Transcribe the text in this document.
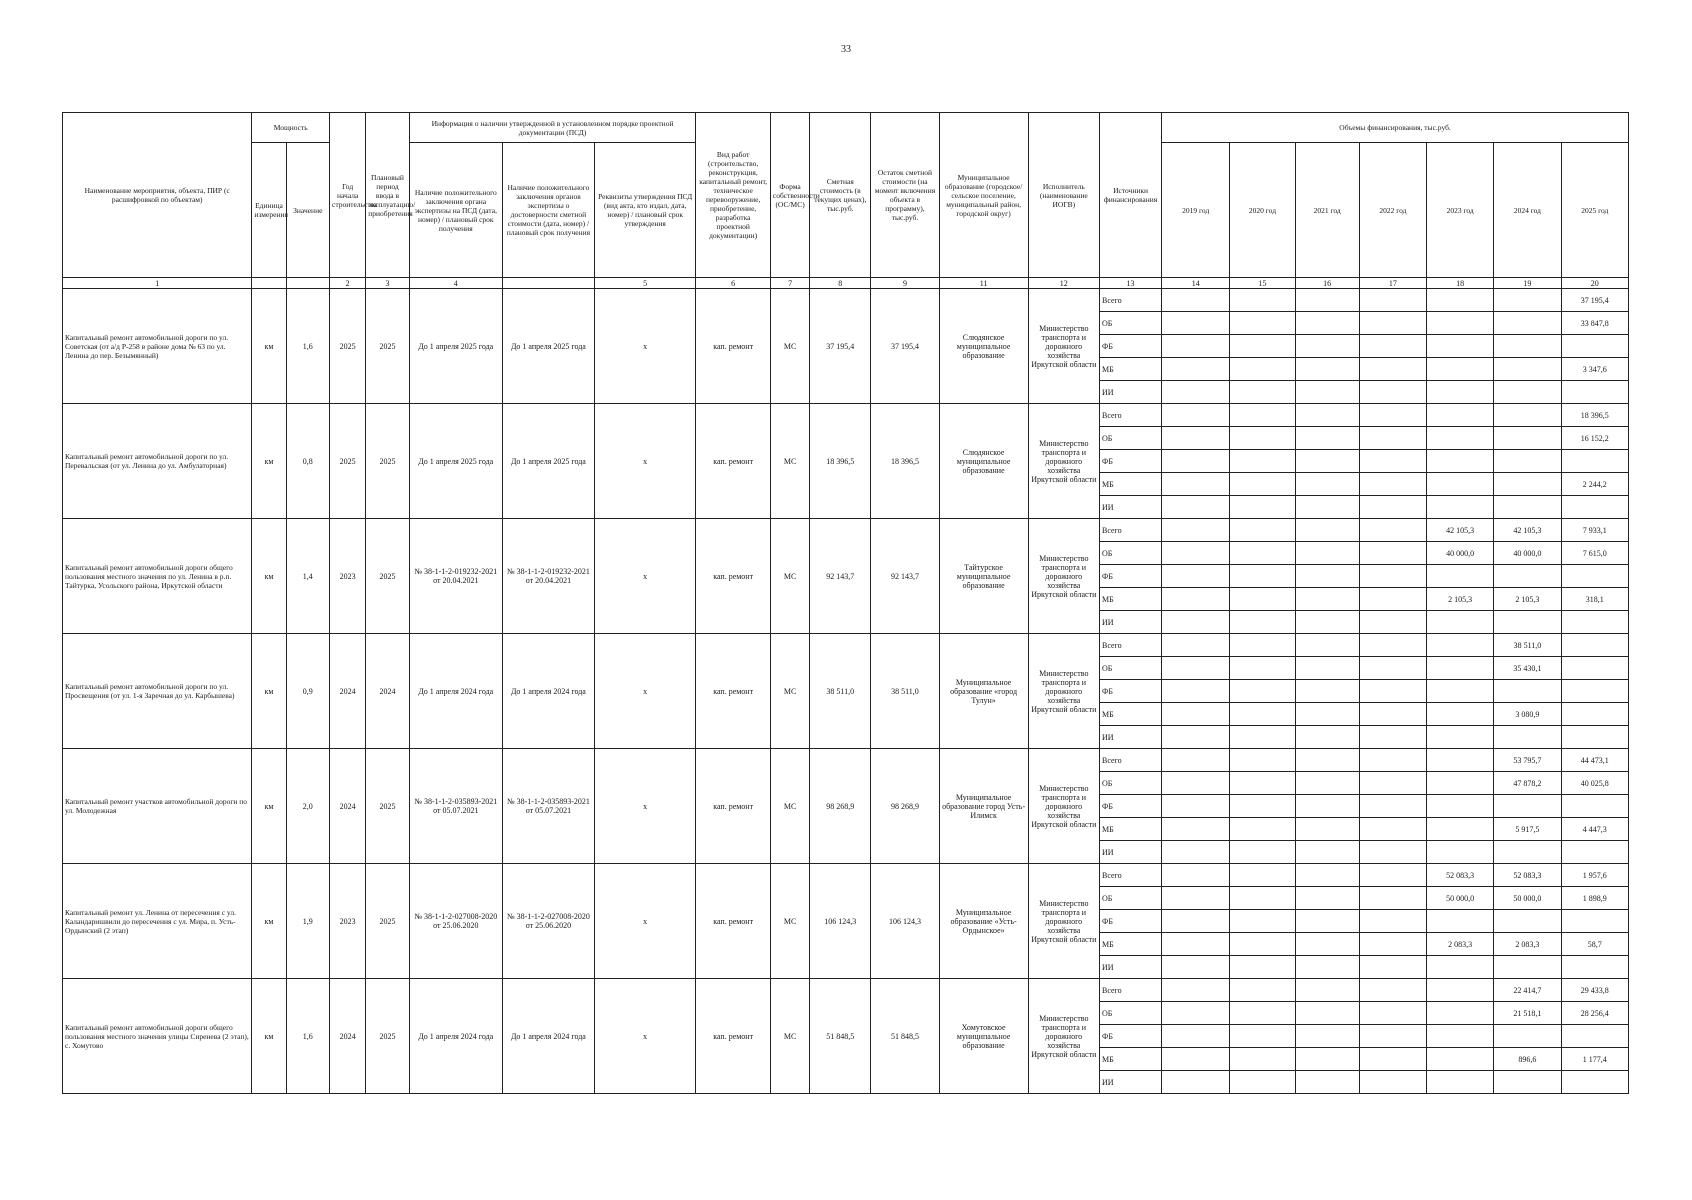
33
Наименование мероприятия, объекта, ПИР (с расшифровкой по объектам)	Мощность		Год начала строительства	Плановый период ввода в эксплуатацию/приобретения	Информация о наличии утвержденной в установленном порядке проектной документации (ПСД)			Вид работ (строительство, реконструкция, капитальный ремонт, техническое перевооружение, приобретение, разработка проектной документации)	Форма собственности (ОС/МС)	Сметная стоимость (в текущих ценах), тыс.руб.	Остаток сметной стоимости (на момент включения объекта в программу), тыс.руб.	Муниципальное образование (городское/сельское поселение, муниципальный район, городской округ)	Исполнитель (наименование ИОГВ)	Источники финансирования	Объемы финансирования, тыс.руб.						
	Единица измерения	Значение			Наличие положительного заключения органа экспертизы на ПСД (дата, номер) / плановый срок получения	Наличие положительного заключения органов экспертизы о достоверности сметной стоимости (дата, номер) / плановый срок получения	Реквизиты утверждения ПСД (вид акта, кто издал, дата, номер) / плановый срок утверждения								2019 год	2020 год	2021 год	2022 год	2023 год	2024 год	2025 год
1			2	3	4		5	6	7	8	9	11	12	13	14	15	16	17	18	19	20
Капитальный ремонт автомобильной дороги по ул. Советская (от а/д Р-258 в районе дома № 63 по ул. Ленина до пер. Безымянный)	км	1,6	2025	2025	До 1 апреля 2025 года	До 1 апреля 2025 года	х	кап. ремонт	МС	37 195,4	37 195,4	Слюдянское муниципальное образование	Министерство транспорта и дорожного хозяйства Иркутской области	Всего							37 195,4
														ОБ							33 847,8
														ФБ							
														МБ							3 347,6
														ИИ							
Капитальный ремонт автомобильной дороги по ул. Перевальская (от ул. Ленина до ул. Амбулаторная)	км	0,8	2025	2025	До 1 апреля 2025 года	До 1 апреля 2025 года	х	кап. ремонт	МС	18 396,5	18 396,5	Слюдянское муниципальное образование	Министерство транспорта и дорожного хозяйства Иркутской области	Всего							18 396,5
														ОБ							16 152,2
														ФБ							
														МБ							2 244,2
														ИИ							
Капитальный ремонт автомобильной дороги общего пользования местного значения по ул. Ленина в р.п. Тайтурка, Усольского района, Иркутской области	км	1,4	2023	2025	№ 38-1-1-2-019232-2021 от 20.04.2021	№ 38-1-1-2-019232-2021 от 20.04.2021	х	кап. ремонт	МС	92 143,7	92 143,7	Тайтурское муниципальное образование	Министерство транспорта и дорожного хозяйства Иркутской области	Всего					42 105,3	42 105,3	7 933,1
														ОБ					40 000,0	40 000,0	7 615,0
														ФБ							
														МБ					2 105,3	2 105,3	318,1
														ИИ							
Капитальный ремонт автомобильной дороги по ул. Просвещения (от ул. 1-я Заречная до ул. Карбышева)	км	0,9	2024	2024	До 1 апреля 2024 года	До 1 апреля 2024 года	х	кап. ремонт	МС	38 511,0	38 511,0	Муниципальное образование «город Тулун»	Министерство транспорта и дорожного хозяйства Иркутской области	Всего						38 511,0	
														ОБ						35 430,1	
														ФБ							
														МБ						3 080,9	
														ИИ							
Капитальный ремонт участков автомобильной дороги по ул. Молодежная	км	2,0	2024	2025	№ 38-1-1-2-035893-2021 от 05.07.2021	№ 38-1-1-2-035893-2021 от 05.07.2021	х	кап. ремонт	МС	98 268,9	98 268,9	Муниципальное образование город Усть-Илимск	Министерство транспорта и дорожного хозяйства Иркутской области	Всего						53 795,7	44 473,1
														ОБ						47 878,2	40 025,8
														ФБ							
														МБ						5 917,5	4 447,3
														ИИ							
Капитальный ремонт ул. Ленина от пересечения с ул. Каландаришвили до пересечения с ул. Мира, п. Усть-Ордынский (2 этап)	км	1,9	2023	2025	№ 38-1-1-2-027008-2020 от 25.06.2020	№ 38-1-1-2-027008-2020 от 25.06.2020	х	кап. ремонт	МС	106 124,3	106 124,3	Муниципальное образование «Усть-Ордынское»	Министерство транспорта и дорожного хозяйства Иркутской области	Всего					52 083,3	52 083,3	1 957,6
														ОБ					50 000,0	50 000,0	1 898,9
														ФБ							
														МБ					2 083,3	2 083,3	58,7
														ИИ							
Капитальный ремонт автомобильной дороги общего пользования местного значения улицы Сиренева (2 этап), с. Хомутово	км	1,6	2024	2025	До 1 апреля 2024 года	До 1 апреля 2024 года	х	кап. ремонт	МС	51 848,5	51 848,5	Хомутовское муниципальное образование	Министерство транспорта и дорожного хозяйства Иркутской области	Всего						22 414,7	29 433,8
														ОБ						21 518,1	28 256,4
														ФБ							
														МБ						896,6	1 177,4
														ИИ							
